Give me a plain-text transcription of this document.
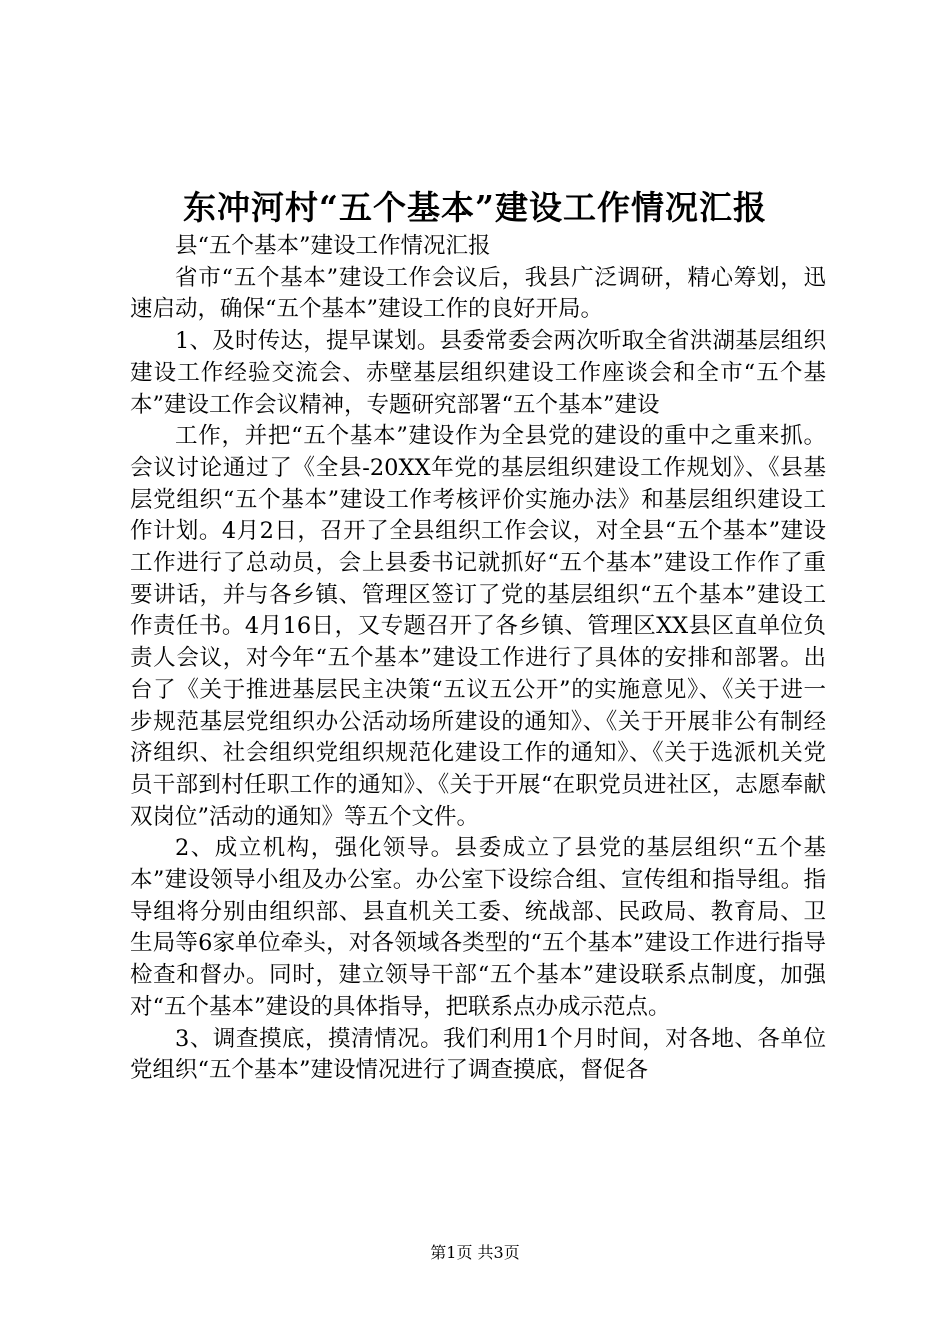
东冲河村“五个基本”建设工作情况汇报

县“五个基本”建设工作情况汇报

省市“五个基本”建设工作会议后，我县广泛调研，精心筹划，迅速启动，确保“五个基本”建设工作的良好开局。

1、及时传达，提早谋划。县委常委会两次听取全省洪湖基层组织建设工作经验交流会、赤壁基层组织建设工作座谈会和全市“五个基本”建设工作会议精神，专题研究部署“五个基本”建设

工作，并把“五个基本”建设作为全县党的建设的重中之重来抓。会议讨论通过了《全县-20XX年党的基层组织建设工作规划》、《县基层党组织“五个基本”建设工作考核评价实施办法》和基层组织建设工作计划。4月2日，召开了全县组织工作会议，对全县“五个基本”建设工作进行了总动员，会上县委书记就抓好“五个基本”建设工作作了重要讲话，并与各乡镇、管理区签订了党的基层组织“五个基本”建设工作责任书。4月16日，又专题召开了各乡镇、管理区XX县区直单位负责人会议，对今年“五个基本”建设工作进行了具体的安排和部署。出台了《关于推进基层民主决策“五议五公开”的实施意见》、《关于进一步规范基层党组织办公活动场所建设的通知》、《关于开展非公有制经济组织、社会组织党组织规范化建设工作的通知》、《关于选派机关党员干部到村任职工作的通知》、《关于开展“在职党员进社区，志愿奉献双岗位”活动的通知》等五个文件。

2、成立机构，强化领导。县委成立了县党的基层组织“五个基本”建设领导小组及办公室。办公室下设综合组、宣传组和指导组。指导组将分别由组织部、县直机关工委、统战部、民政局、教育局、卫生局等6家单位牵头，对各领域各类型的“五个基本”建设工作进行指导检查和督办。同时，建立领导干部“五个基本”建设联系点制度，加强对“五个基本”建设的具体指导，把联系点办成示范点。

3、调查摸底，摸清情况。我们利用1个月时间，对各地、各单位党组织“五个基本”建设情况进行了调查摸底，督促各

第1页 共3页
